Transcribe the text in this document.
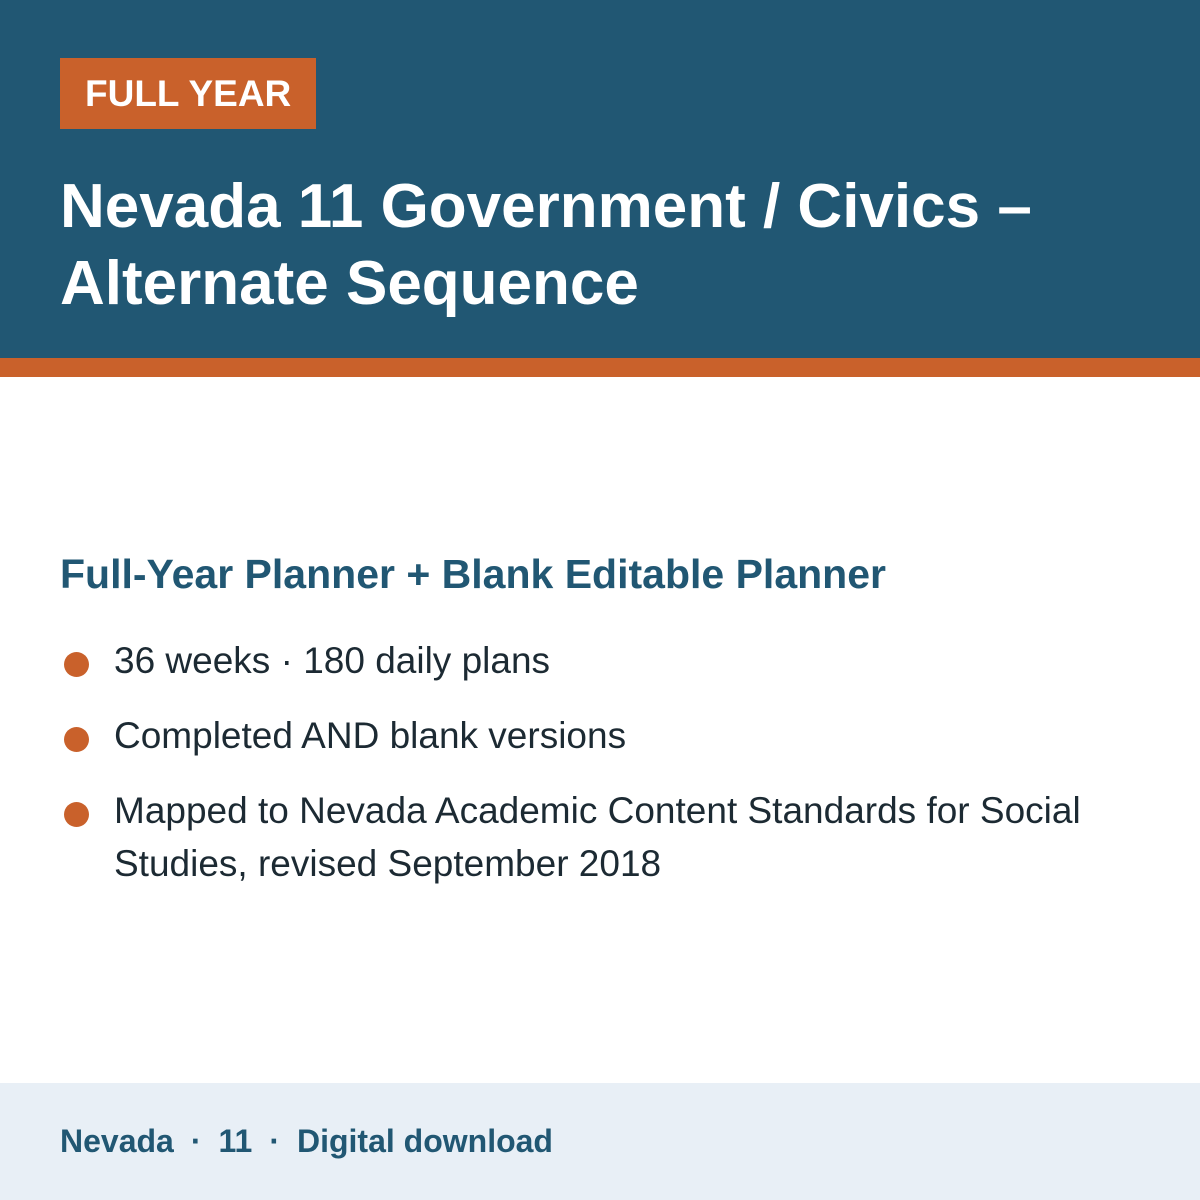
FULL YEAR
Nevada 11 Government / Civics – Alternate Sequence
Full-Year Planner + Blank Editable Planner
36 weeks · 180 daily plans
Completed AND blank versions
Mapped to Nevada Academic Content Standards for Social Studies, revised September 2018
Nevada · 11 · Digital download
